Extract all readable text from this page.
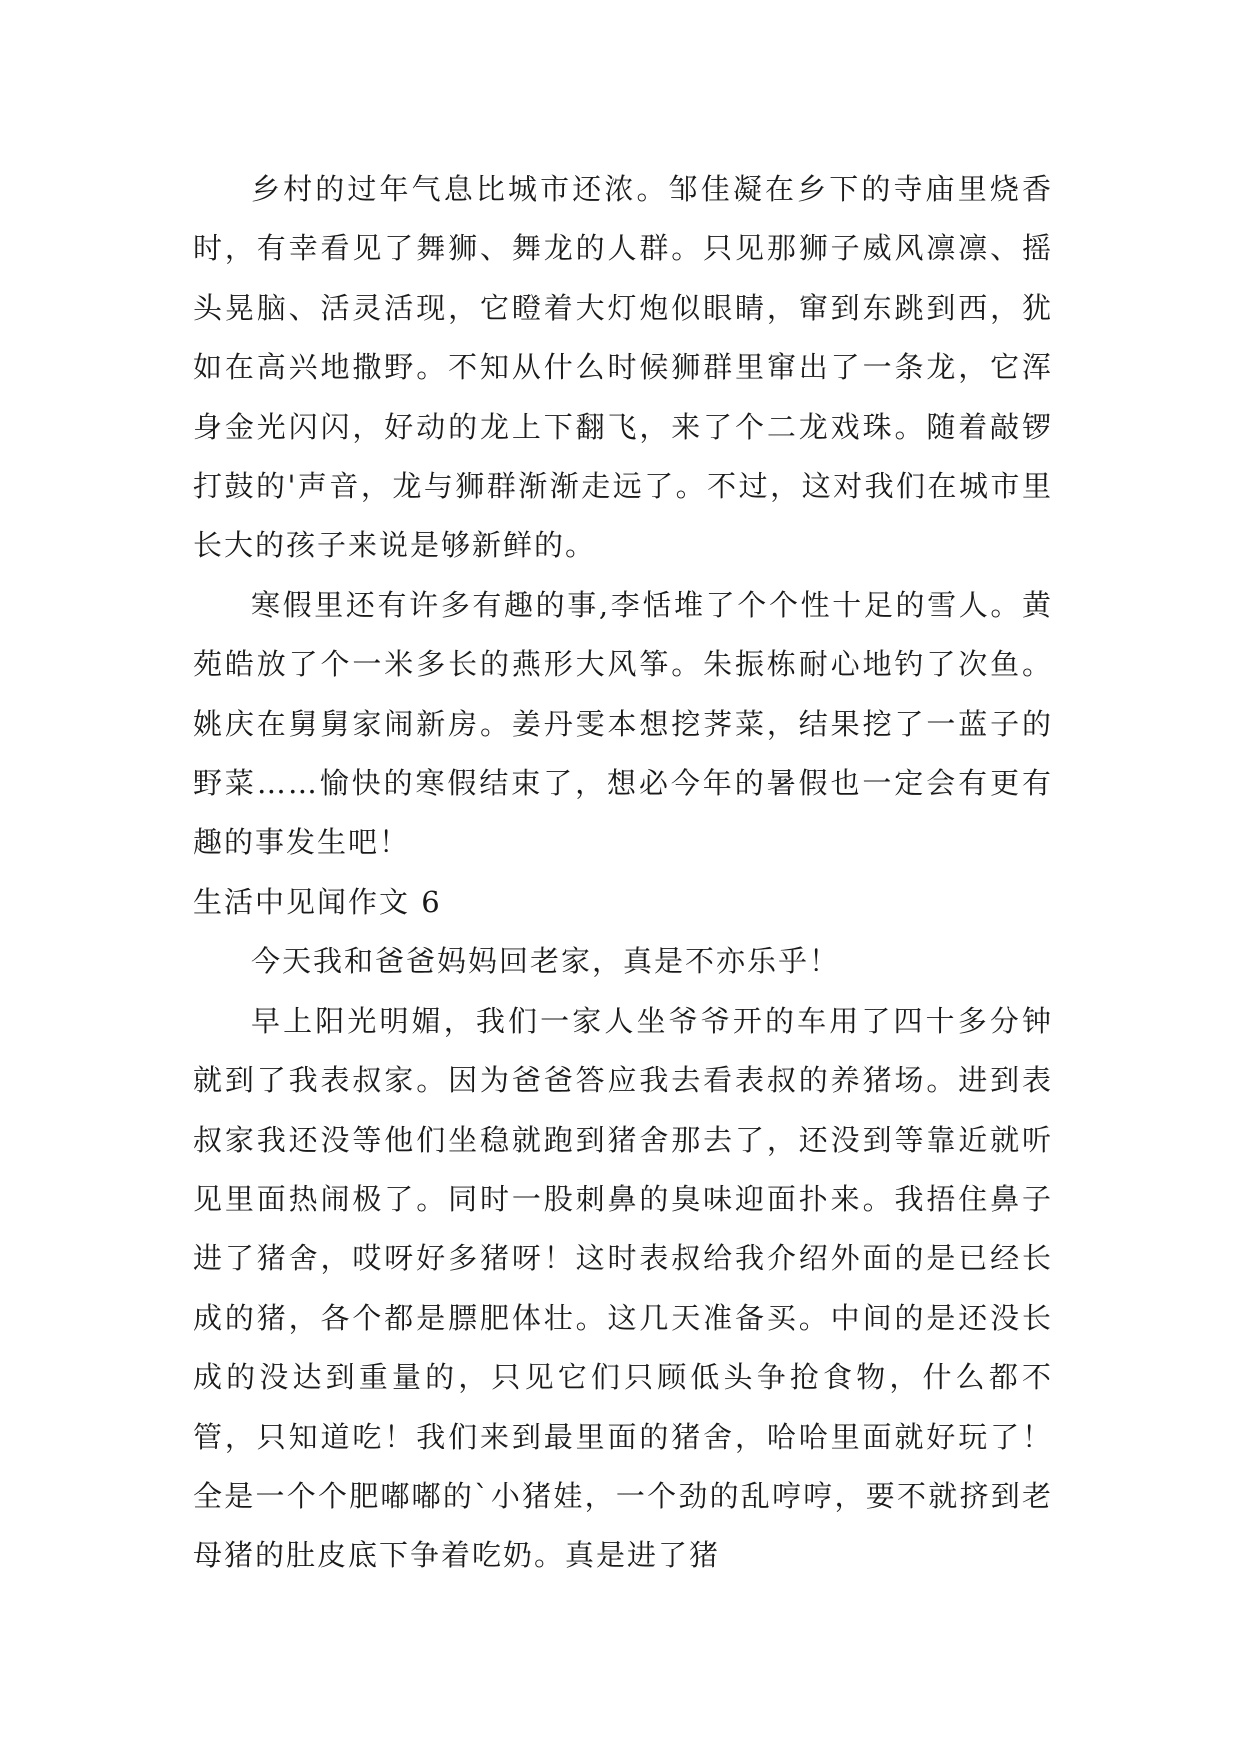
乡村的过年气息比城市还浓。邹佳凝在乡下的寺庙里烧香时，有幸看见了舞狮、舞龙的人群。只见那狮子威风凛凛、摇头晃脑、活灵活现，它瞪着大灯炮似眼睛，窜到东跳到西，犹如在高兴地撒野。不知从什么时候狮群里窜出了一条龙，它浑身金光闪闪，好动的龙上下翻飞，来了个二龙戏珠。随着敲锣打鼓的'声音，龙与狮群渐渐走远了。不过，这对我们在城市里长大的孩子来说是够新鲜的。

寒假里还有许多有趣的事,李恬堆了个个性十足的雪人。黄苑皓放了个一米多长的燕形大风筝。朱振栋耐心地钓了次鱼。姚庆在舅舅家闹新房。姜丹雯本想挖荠菜，结果挖了一蓝子的野菜……愉快的寒假结束了，想必今年的暑假也一定会有更有趣的事发生吧！

生活中见闻作文 6

今天我和爸爸妈妈回老家，真是不亦乐乎！

早上阳光明媚，我们一家人坐爷爷开的车用了四十多分钟就到了我表叔家。因为爸爸答应我去看表叔的养猪场。进到表叔家我还没等他们坐稳就跑到猪舍那去了，还没到等靠近就听见里面热闹极了。同时一股刺鼻的臭味迎面扑来。我捂住鼻子进了猪舍，哎呀好多猪呀！这时表叔给我介绍外面的是已经长成的猪，各个都是膘肥体壮。这几天准备买。中间的是还没长成的没达到重量的，只见它们只顾低头争抢食物，什么都不管，只知道吃！我们来到最里面的猪舍，哈哈里面就好玩了！全是一个个肥嘟嘟的`小猪娃，一个劲的乱哼哼，要不就挤到老母猪的肚皮底下争着吃奶。真是进了猪
